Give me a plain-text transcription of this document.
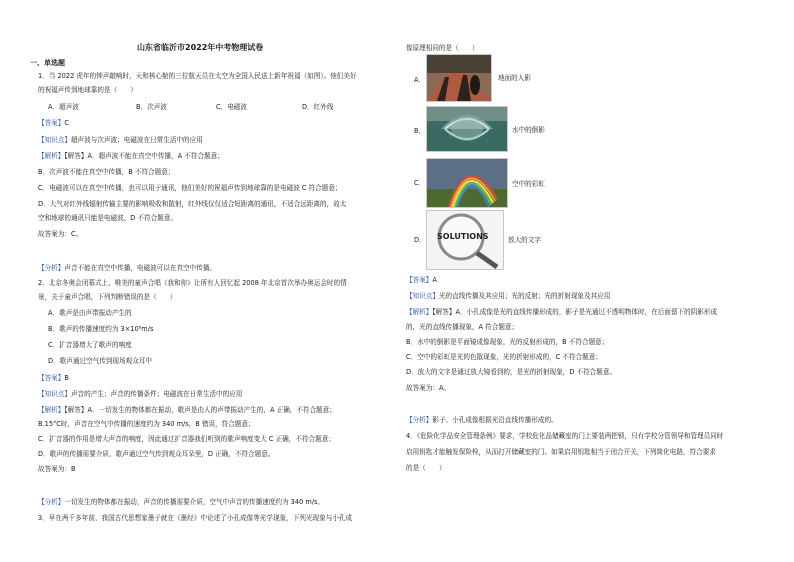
山东省临沂市2022年中考物理试卷
一、单选题
1．当 2022 虎年的钟声敲响时，天和核心舱的三位航天员在太空为全国人民送上新年祝福（如图）。他们美好
的祝福声传到地球靠的是（　　）
A．超声波	B．次声波	C．电磁波	D．红外线
【答案】C
【知识点】超声波与次声波；电磁波在日常生活中的应用
【解析】【解答】A．超声波不能在真空中传播，A 不符合题意；
B．次声波不能在真空中传播，B 不符合题意；
C．电磁波可以在真空中传播，也可以用于通讯，他们美好的祝福声传到地球靠的是电磁波 C 符合题意；
D．大气对红外线辐射传输主要的影响吸收和散射，红外线仅仅适合短距离的通讯，不适合远距离的，故太
空和地球的通讯只能是电磁波，D 不符合题意。
故答案为：C。
【分析】声音不能在真空中传播，电磁波可以在真空中传播。
2．北京冬奥会闭幕式上，唯美的童声合唱《我和你》让所有人回忆起 2008 年北京首次举办奥运会时的情
景，关于童声合唱，下列判断错误的是（　　）
A．歌声是由声带振动产生的
B．歌声的传播速度约为 3×10⁸m/s
C．扩音器增大了歌声的响度
D．歌声通过空气传到现场观众耳中
【答案】B
【知识点】声音的产生；声音的传播条件；电磁波在日常生活中的应用
【解析】【解答】A．一切发生的物体都在振动，歌声是由人的声带振动产生的，A 正确，不符合题意；
B.15°C时，声音在空气中传播的速度约为 340 m/s，B 错误，符合题意；
C．扩音器的作用是增大声音的响度，因此通过扩音器我们听到的歌声响度变大 C 正确，不符合题意；
D．歌声的传播需要介质，歌声通过空气传到观众耳朵里，D 正确，不符合题意。
故答案为：B
【分析】一切发生的物体都在振动，声音的传播需要介质，空气中声音的传播速度约为 340 m/s。
3．早在两千多年前，我国古代思想家墨子就在《墨经》中论述了小孔成像等光学现象，下列光现象与小孔成
像原理相同的是（　　）
A．	地面的人影
B．	水中的倒影
C．	空中的彩虹
D． SOLUTIONS	放大的文字
【答案】A
【知识点】光的直线传播及其应用；光的反射；光的折射现象及其应用
【解析】【解答】A．小孔成像是光的直线传播形成的，影子是光通过不透明物体时，在后面留下的阴影形成
的，光的直线传播现象，A 符合题意；
B．水中的倒影是平面镜成像现象，光的反射形成的，B 不符合题意；
C．空中的彩虹是光的色散现象，光的折射形成的，C 不符合题意；
D．放大的文字是通过放大镜看到的，是光的折射现象，D 不符合题意。
故答案为：A。
【分析】影子、小孔成像根据光沿直线传播形成的。
4．《危险化学品安全管理条例》要求，学校危化品储藏室的门上要装两把锁，只有学校分管领导和管理员同时
启用钥匙才能触发保险栓，从而打开储藏室的门。如果启用钥匙相当于闭合开关，下列简化电路，符合要求
的是（　　）
